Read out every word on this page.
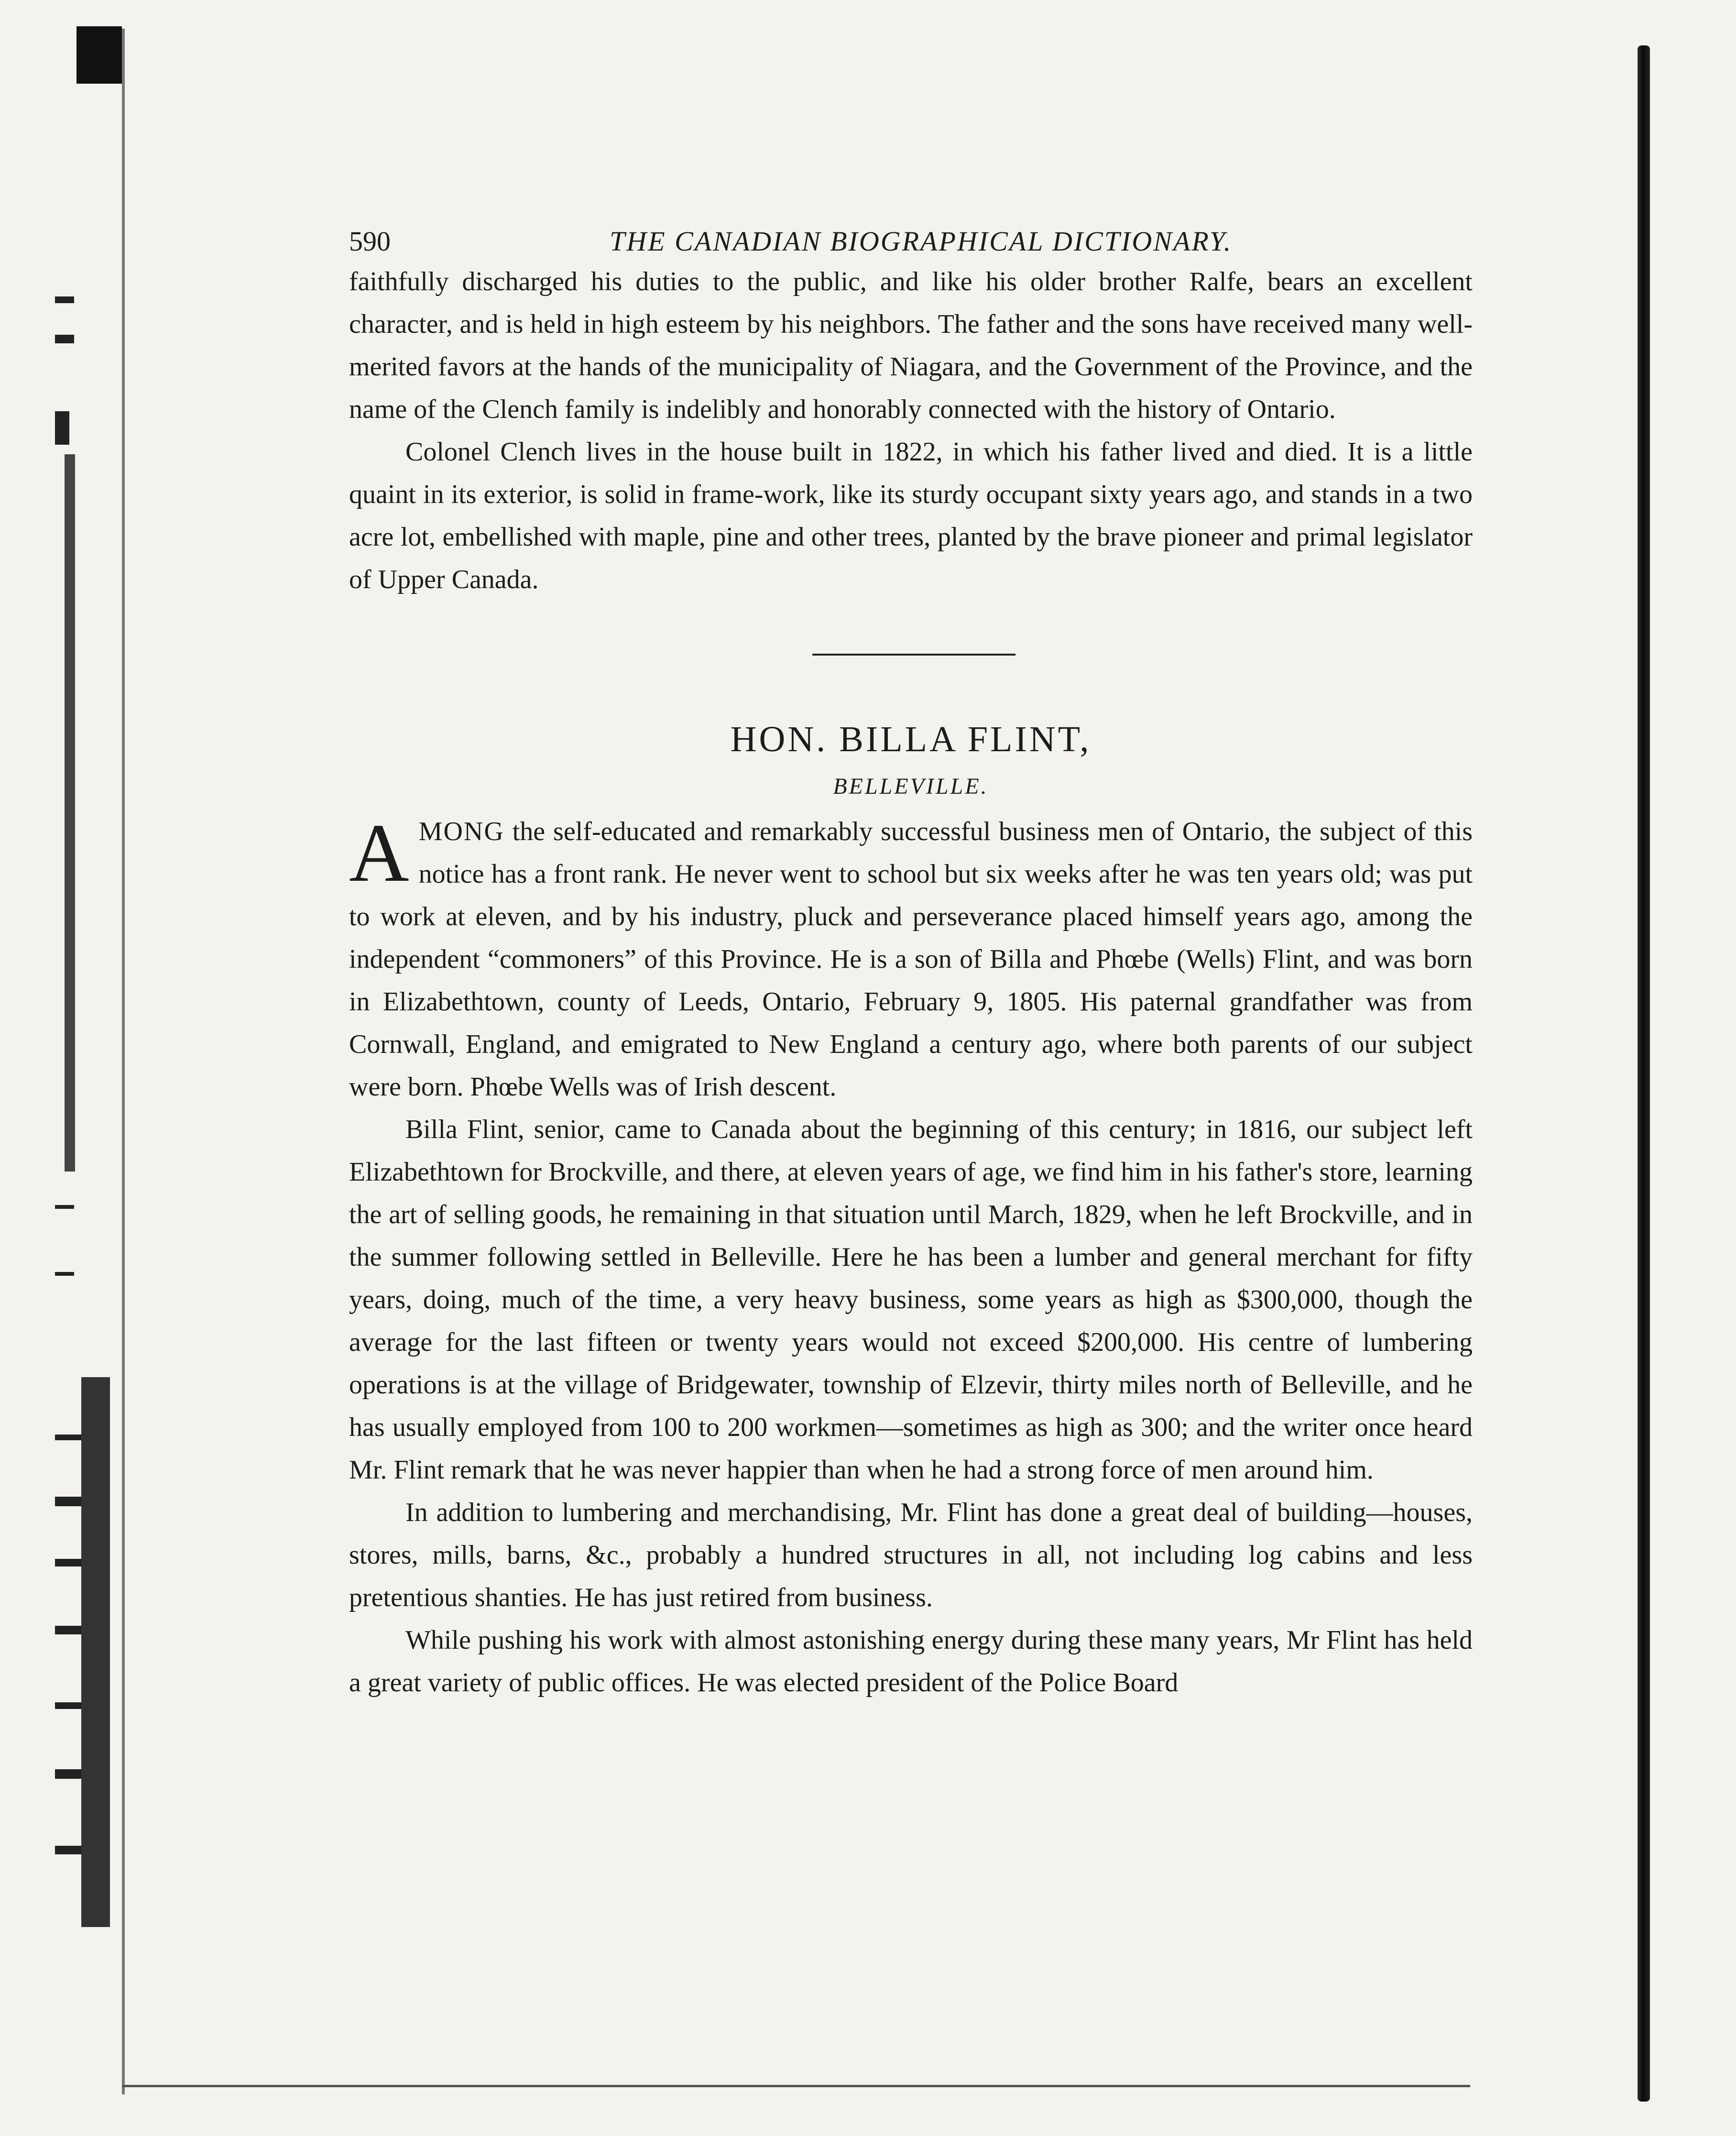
590	THE CANADIAN BIOGRAPHICAL DICTIONARY.

faithfully discharged his duties to the public, and like his older brother Ralfe, bears an excellent character, and is held in high esteem by his neighbors. The father and the sons have received many well-merited favors at the hands of the municipality of Niagara, and the Government of the Province, and the name of the Clench family is indelibly and honorably connected with the history of Ontario.

Colonel Clench lives in the house built in 1822, in which his father lived and died. It is a little quaint in its exterior, is solid in frame-work, like its sturdy occupant sixty years ago, and stands in a two acre lot, embellished with maple, pine and other trees, planted by the brave pioneer and primal legislator of Upper Canada.

HON. BILLA FLINT,

BELLEVILLE.

AMONG the self-educated and remarkably successful business men of Ontario, the subject of this notice has a front rank. He never went to school but six weeks after he was ten years old; was put to work at eleven, and by his industry, pluck and perseverance placed himself years ago, among the independent “commoners” of this Province. He is a son of Billa and Phœbe (Wells) Flint, and was born in Elizabethtown, county of Leeds, Ontario, February 9, 1805. His paternal grandfather was from Cornwall, England, and emigrated to New England a century ago, where both parents of our subject were born. Phœbe Wells was of Irish descent.

Billa Flint, senior, came to Canada about the beginning of this century; in 1816, our subject left Elizabethtown for Brockville, and there, at eleven years of age, we find him in his father's store, learning the art of selling goods, he remaining in that situation until March, 1829, when he left Brockville, and in the summer following settled in Belleville. Here he has been a lumber and general merchant for fifty years, doing, much of the time, a very heavy business, some years as high as $300,000, though the average for the last fifteen or twenty years would not exceed $200,000. His centre of lumbering operations is at the village of Bridgewater, township of Elzevir, thirty miles north of Belleville, and he has usually employed from 100 to 200 workmen—sometimes as high as 300; and the writer once heard Mr. Flint remark that he was never happier than when he had a strong force of men around him.

In addition to lumbering and merchandising, Mr. Flint has done a great deal of building—houses, stores, mills, barns, &c., probably a hundred structures in all, not including log cabins and less pretentious shanties. He has just retired from business.

While pushing his work with almost astonishing energy during these many years, Mr Flint has held a great variety of public offices. He was elected president of the Police Board
